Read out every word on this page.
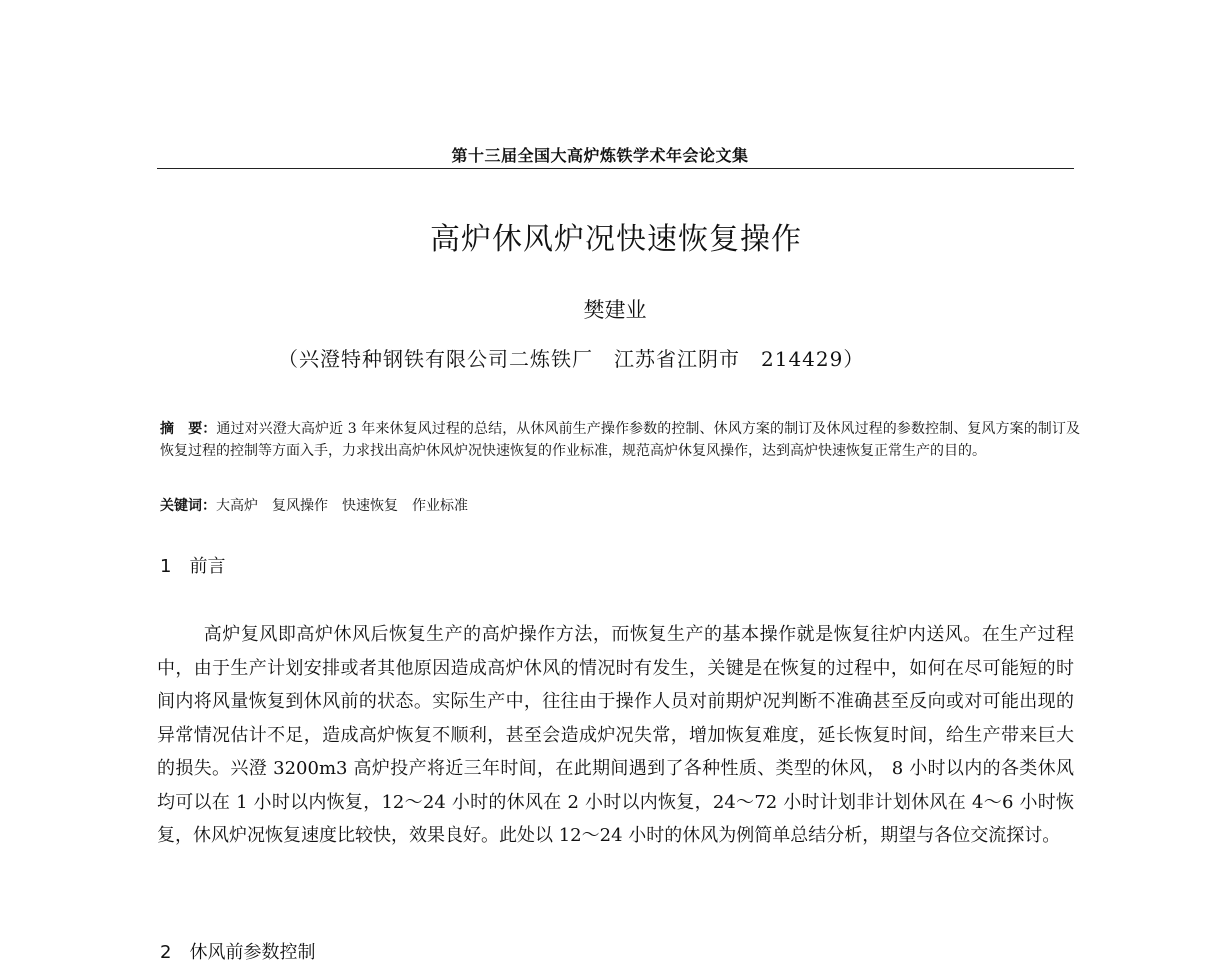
第十三届全国大高炉炼铁学术年会论文集
高炉休风炉况快速恢复操作
樊建业
（兴澄特种钢铁有限公司二炼铁厂　江苏省江阴市　214429）
摘　要：通过对兴澄大高炉近 3 年来休复风过程的总结，从休风前生产操作参数的控制、休风方案的制订及休风过程的参数控制、复风方案的制订及恢复过程的控制等方面入手，力求找出高炉休风炉况快速恢复的作业标准，规范高炉休复风操作，达到高炉快速恢复正常生产的目的。
关键词：大高炉　复风操作　快速恢复　作业标准
1　 前言
高炉复风即高炉休风后恢复生产的高炉操作方法，而恢复生产的基本操作就是恢复往炉内送风。在生产过程中，由于生产计划安排或者其他原因造成高炉休风的情况时有发生，关键是在恢复的过程中，如何在尽可能短的时间内将风量恢复到休风前的状态。实际生产中，往往由于操作人员对前期炉况判断不准确甚至反向或对可能出现的异常情况估计不足，造成高炉恢复不顺利，甚至会造成炉况失常，增加恢复难度，延长恢复时间，给生产带来巨大的损失。兴澄 3200m3 高炉投产将近三年时间，在此期间遇到了各种性质、类型的休风， 8 小时以内的各类休风均可以在 1 小时以内恢复，12～24 小时的休风在 2 小时以内恢复，24～72 小时计划非计划休风在 4～6 小时恢复，休风炉况恢复速度比较快，效果良好。此处以 12～24 小时的休风为例简单总结分析，期望与各位交流探讨。
2　休风前参数控制
